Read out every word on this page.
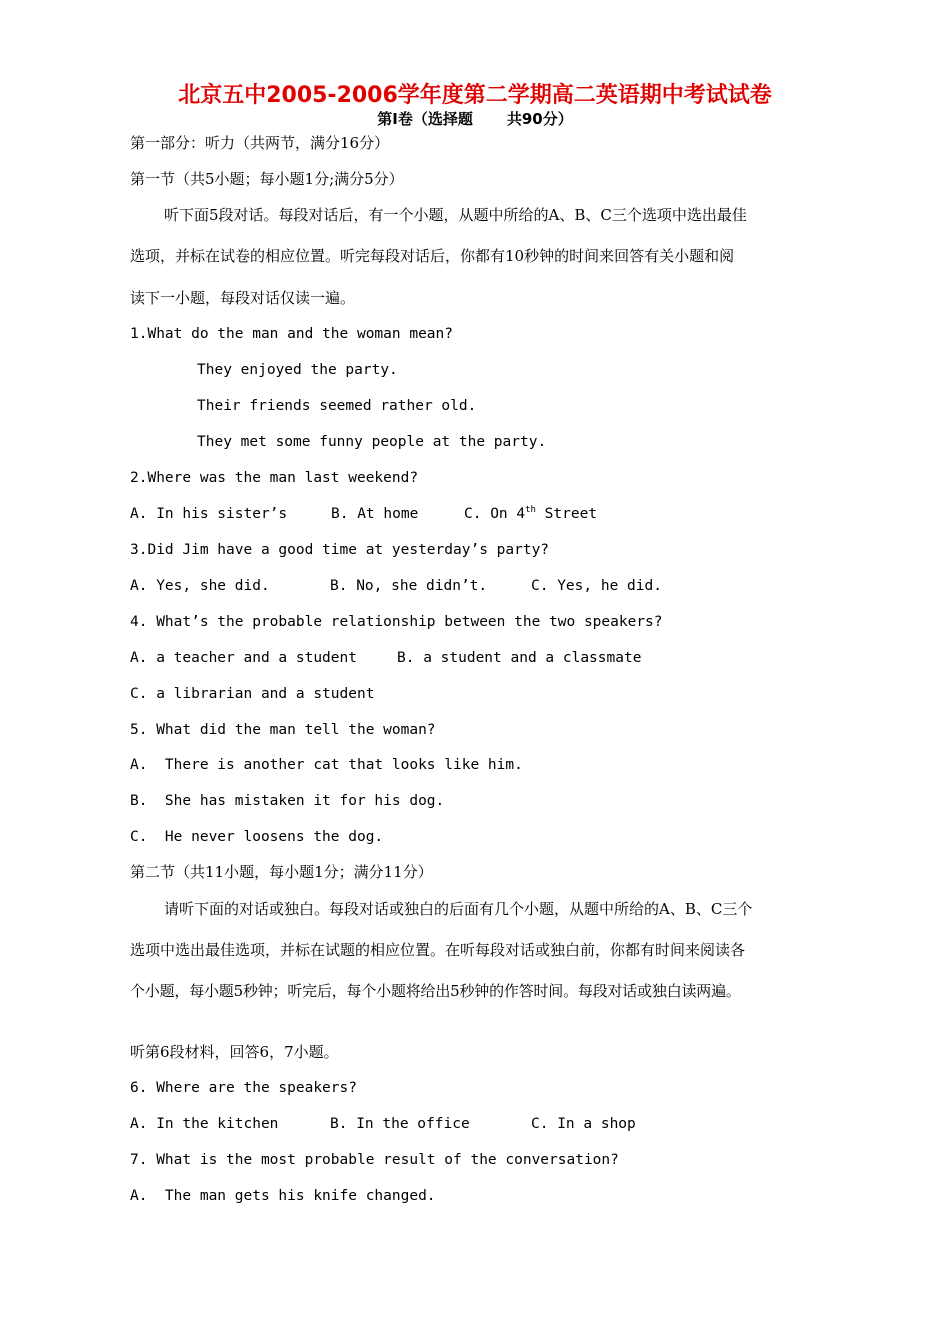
北京五中2005-2006学年度第二学期高二英语期中考试试卷
第Ⅰ卷（选择题 共90分）
第一部分：听力（共两节，满分16分）
第一节（共5小题；每小题1分;满分5分）
听下面5段对话。每段对话后，有一个小题，从题中所给的A、B、C三个选项中选出最佳
选项，并标在试卷的相应位置。听完每段对话后，你都有10秒钟的时间来回答有关小题和阅
读下一小题，每段对话仅读一遍。
1.What do the man and the woman mean?
They enjoyed the party.
Their friends seemed rather old.
They met some funny people at the party.
2.Where was the man last weekend?
A. In his sister’s	B. At home	C. On 4th Street
3.Did Jim have a good time at yesterday’s party?
A. Yes, she did.	B. No, she didn’t.	C. Yes, he did.
4. What’s the probable relationship between the two speakers?
A. a teacher and a student	B. a student and a classmate
C. a librarian and a student
5. What did the man tell the woman?
A.  There is another cat that looks like him.
B.  She has mistaken it for his dog.
C.  He never loosens the dog.
第二节（共11小题，每小题1分；满分11分）
请听下面的对话或独白。每段对话或独白的后面有几个小题，从题中所给的A、B、C三个
选项中选出最佳选项，并标在试题的相应位置。在听每段对话或独白前，你都有时间来阅读各
个小题，每小题5秒钟；听完后，每个小题将给出5秒钟的作答时间。每段对话或独白读两遍。
听第6段材料，回答6，7小题。
6. Where are the speakers?
A. In the kitchen	B. In the office	C. In a shop
7. What is the most probable result of the conversation?
A.  The man gets his knife changed.
